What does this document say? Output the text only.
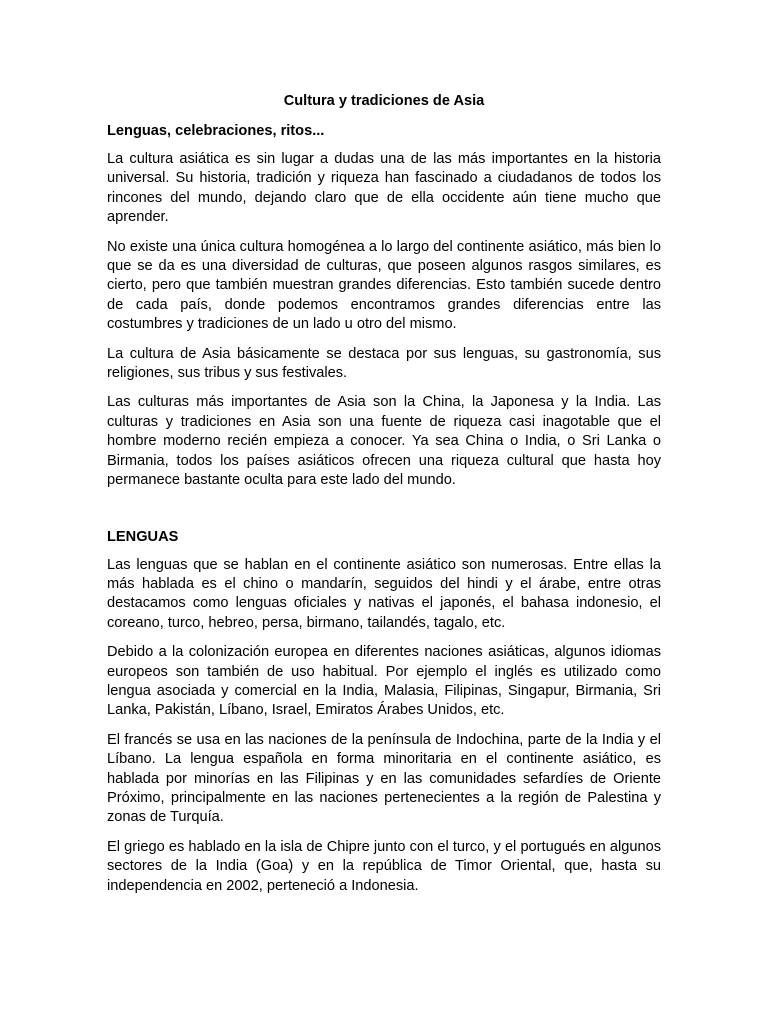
Cultura y tradiciones de Asia
Lenguas, celebraciones, ritos...

La cultura asiática es sin lugar a dudas una de las más importantes en la historia universal. Su historia, tradición y riqueza han fascinado a ciudadanos de todos los rincones del mundo, dejando claro que de ella occidente aún tiene mucho que aprender.

No existe una única cultura homogénea a lo largo del continente asiático, más bien lo que se da es una diversidad de culturas, que poseen algunos rasgos similares, es cierto, pero que también muestran grandes diferencias. Esto también sucede dentro de cada país, donde podemos encontramos grandes diferencias entre las costumbres y tradiciones de un lado u otro del mismo.

La cultura de Asia básicamente se destaca por sus lenguas, su gastronomía, sus religiones, sus tribus y sus festivales.

Las culturas más importantes de Asia son la China, la Japonesa y la India. Las culturas y tradiciones en Asia son una fuente de riqueza casi inagotable que el hombre moderno recién empieza a conocer. Ya sea China o India, o Sri Lanka o Birmania, todos los países asiáticos ofrecen una riqueza cultural que hasta hoy permanece bastante oculta para este lado del mundo.

LENGUAS

Las lenguas que se hablan en el continente asiático son numerosas. Entre ellas la más hablada es el chino o mandarín, seguidos del hindi y el árabe, entre otras destacamos como lenguas oficiales y nativas el japonés, el bahasa indonesio, el coreano, turco, hebreo, persa, birmano, tailandés, tagalo, etc.

Debido a la colonización europea en diferentes naciones asiáticas, algunos idiomas europeos son también de uso habitual. Por ejemplo el inglés es utilizado como lengua asociada y comercial en la India, Malasia, Filipinas, Singapur, Birmania, Sri Lanka, Pakistán, Líbano, Israel, Emiratos Árabes Unidos, etc.

El francés se usa en las naciones de la península de Indochina, parte de la India y el Líbano. La lengua española en forma minoritaria en el continente asiático, es hablada por minorías en las Filipinas y en las comunidades sefardíes de Oriente Próximo, principalmente en las naciones pertenecientes a la región de Palestina y zonas de Turquía.

El griego es hablado en la isla de Chipre junto con el turco, y el portugués en algunos sectores de la India (Goa) y en la república de Timor Oriental, que, hasta su independencia en 2002, perteneció a Indonesia.
